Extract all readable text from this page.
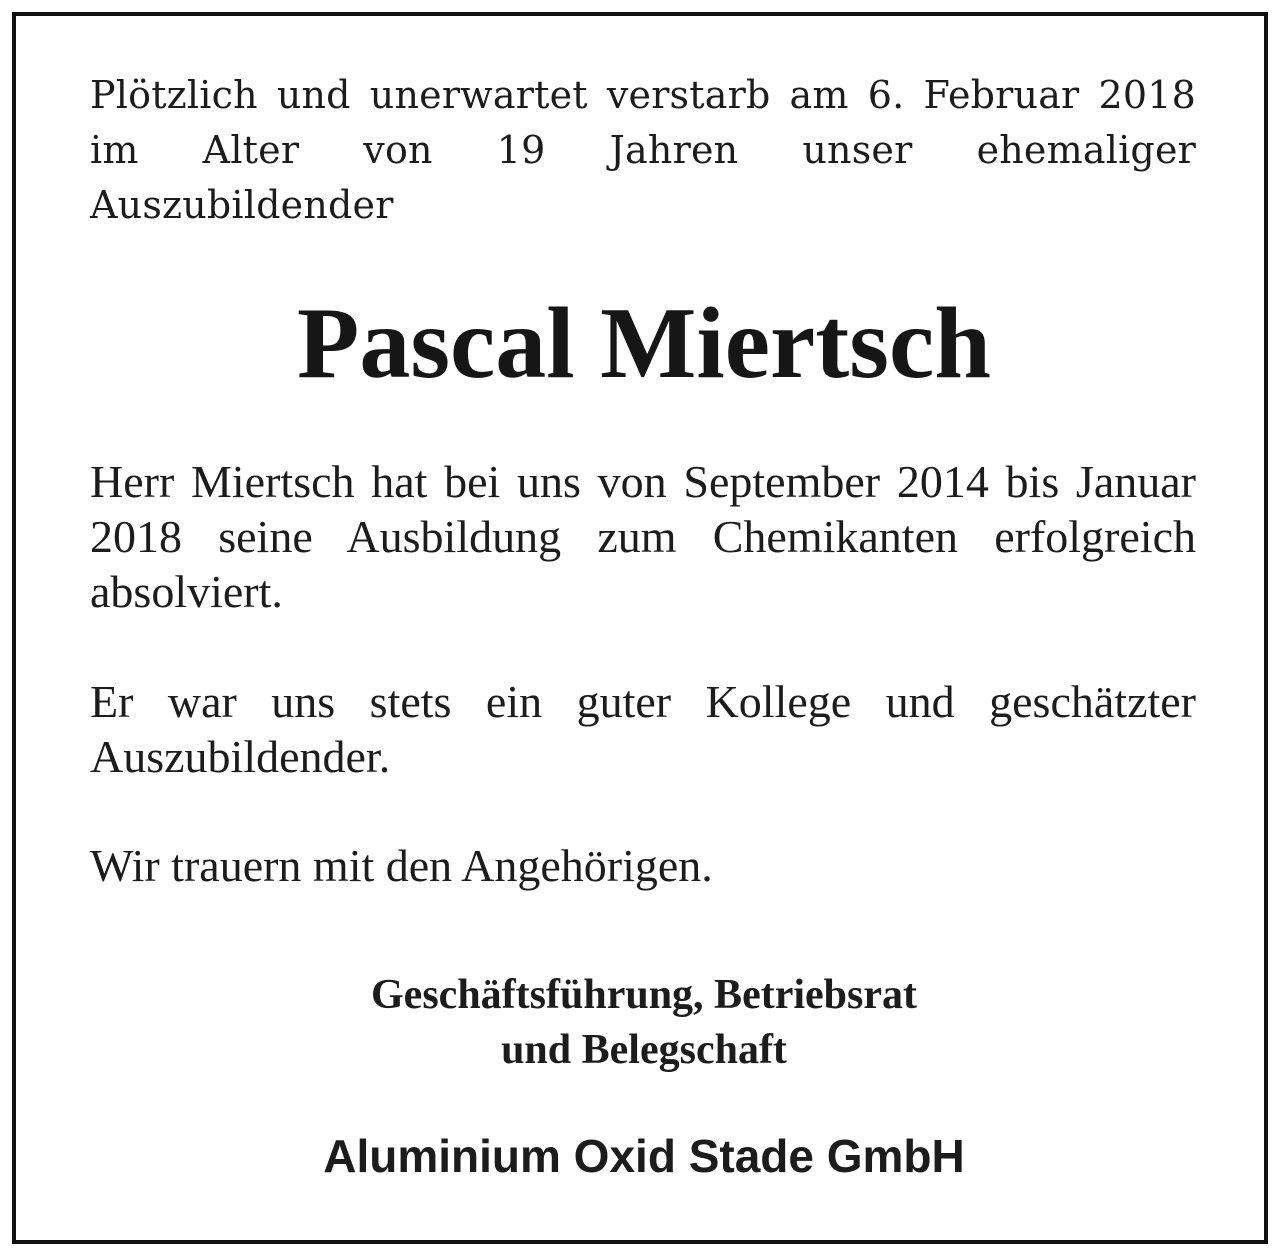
Plötzlich und unerwartet verstarb am 6. Februar 2018 im Alter von 19 Jahren unser ehemaliger Auszubildender

Pascal Miertsch

Herr Miertsch hat bei uns von September 2014 bis Januar 2018 seine Ausbildung zum Chemikanten erfolgreich absolviert.

Er war uns stets ein guter Kollege und geschätzter Auszubildender.

Wir trauern mit den Angehörigen.

Geschäftsführung, Betriebsrat
und Belegschaft
Aluminium Oxid Stade GmbH
